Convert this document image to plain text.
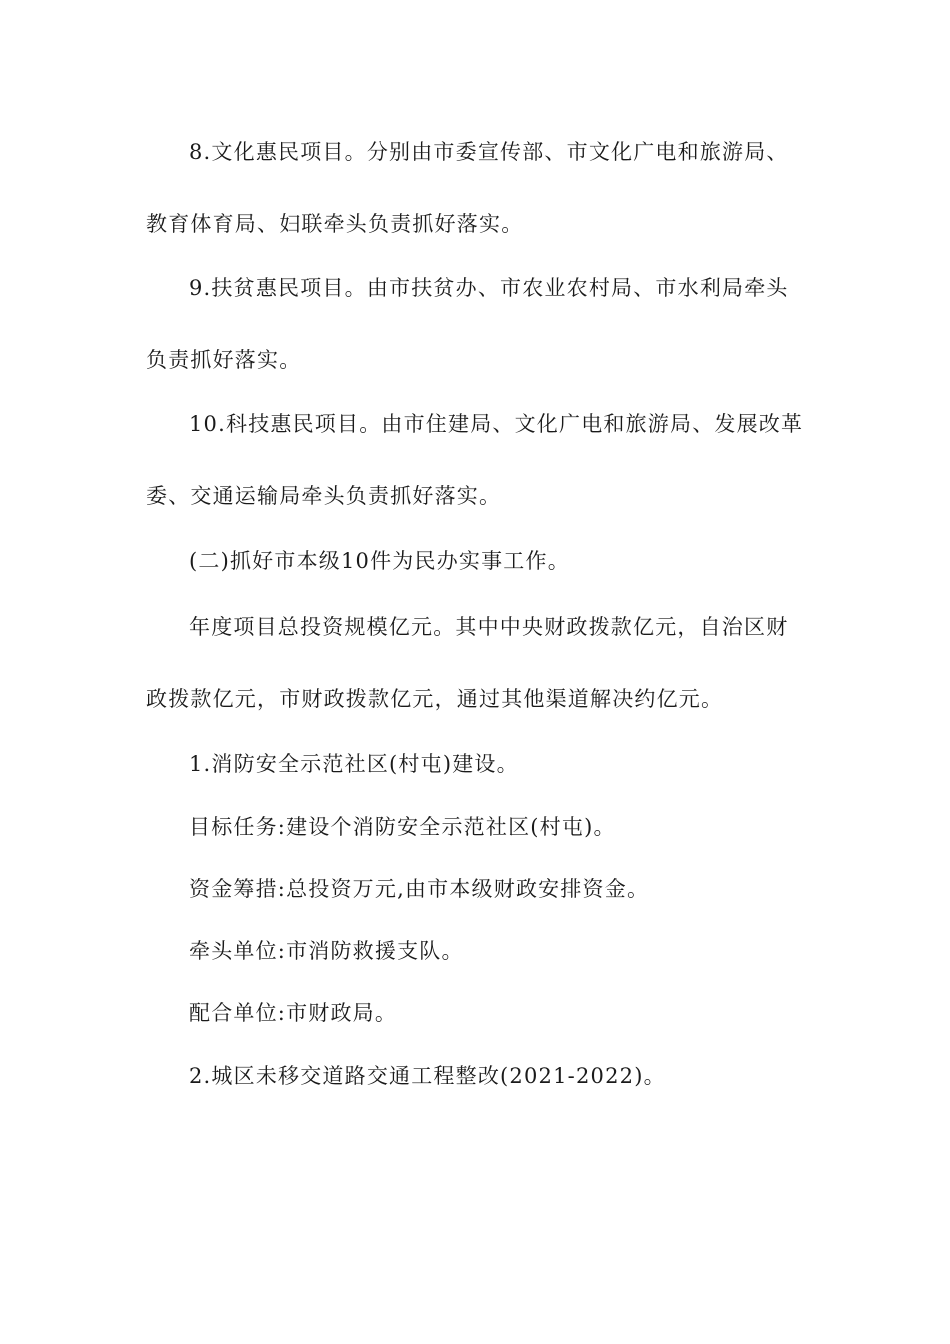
8.文化惠民项目。分别由市委宣传部、市文化广电和旅游局、
教育体育局、妇联牵头负责抓好落实。
9.扶贫惠民项目。由市扶贫办、市农业农村局、市水利局牵头
负责抓好落实。
10.科技惠民项目。由市住建局、文化广电和旅游局、发展改革
委、交通运输局牵头负责抓好落实。
(二)抓好市本级10件为民办实事工作。
年度项目总投资规模亿元。其中中央财政拨款亿元，自治区财
政拨款亿元，市财政拨款亿元，通过其他渠道解决约亿元。
1.消防安全示范社区(村屯)建设。
目标任务:建设个消防安全示范社区(村屯)。
资金筹措:总投资万元,由市本级财政安排资金。
牵头单位:市消防救援支队。
配合单位:市财政局。
2.城区未移交道路交通工程整改(2021-2022)。
